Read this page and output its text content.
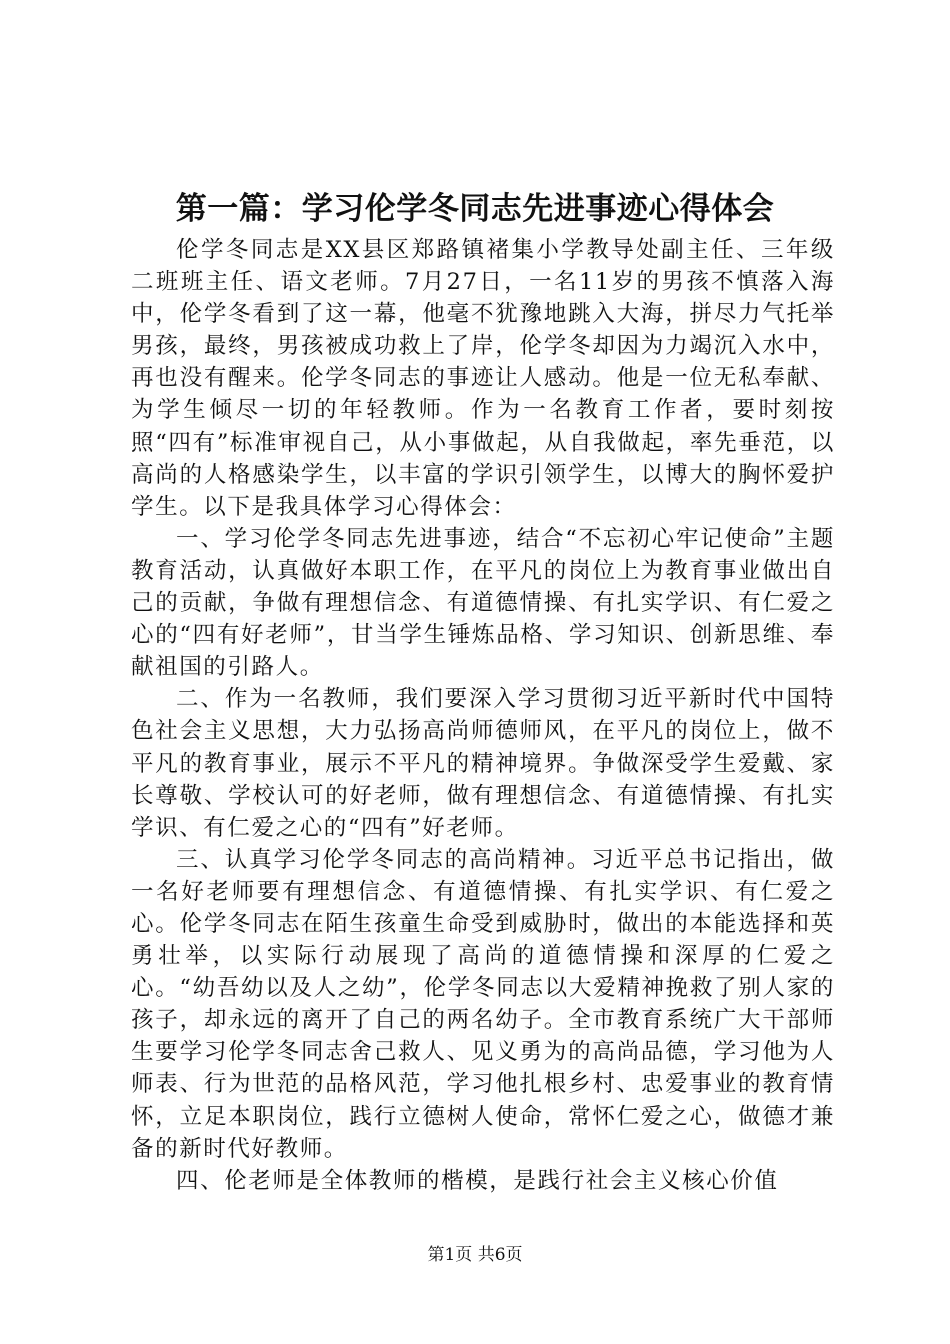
第一篇：学习伦学冬同志先进事迹心得体会

伦学冬同志是XX县区郑路镇褚集小学教导处副主任、三年级二班班主任、语文老师。7月27日，一名11岁的男孩不慎落入海中，伦学冬看到了这一幕，他毫不犹豫地跳入大海，拼尽力气托举男孩，最终，男孩被成功救上了岸，伦学冬却因为力竭沉入水中，再也没有醒来。伦学冬同志的事迹让人感动。他是一位无私奉献、为学生倾尽一切的年轻教师。作为一名教育工作者，要时刻按照“四有”标准审视自己，从小事做起，从自我做起，率先垂范，以高尚的人格感染学生，以丰富的学识引领学生，以博大的胸怀爱护学生。以下是我具体学习心得体会：

一、学习伦学冬同志先进事迹，结合“不忘初心牢记使命”主题教育活动，认真做好本职工作，在平凡的岗位上为教育事业做出自己的贡献，争做有理想信念、有道德情操、有扎实学识、有仁爱之心的“四有好老师”，甘当学生锤炼品格、学习知识、创新思维、奉献祖国的引路人。

二、作为一名教师，我们要深入学习贯彻习近平新时代中国特色社会主义思想，大力弘扬高尚师德师风，在平凡的岗位上，做不平凡的教育事业，展示不平凡的精神境界。争做深受学生爱戴、家长尊敬、学校认可的好老师，做有理想信念、有道德情操、有扎实学识、有仁爱之心的“四有”好老师。

三、认真学习伦学冬同志的高尚精神。习近平总书记指出，做一名好老师要有理想信念、有道德情操、有扎实学识、有仁爱之心。伦学冬同志在陌生孩童生命受到威胁时，做出的本能选择和英勇壮举，以实际行动展现了高尚的道德情操和深厚的仁爱之心。“幼吾幼以及人之幼”，伦学冬同志以大爱精神挽救了别人家的孩子，却永远的离开了自己的两名幼子。全市教育系统广大干部师生要学习伦学冬同志舍己救人、见义勇为的高尚品德，学习他为人师表、行为世范的品格风范，学习他扎根乡村、忠爱事业的教育情怀，立足本职岗位，践行立德树人使命，常怀仁爱之心，做德才兼备的新时代好教师。

四、伦老师是全体教师的楷模，是践行社会主义核心价值

第1页 共6页
